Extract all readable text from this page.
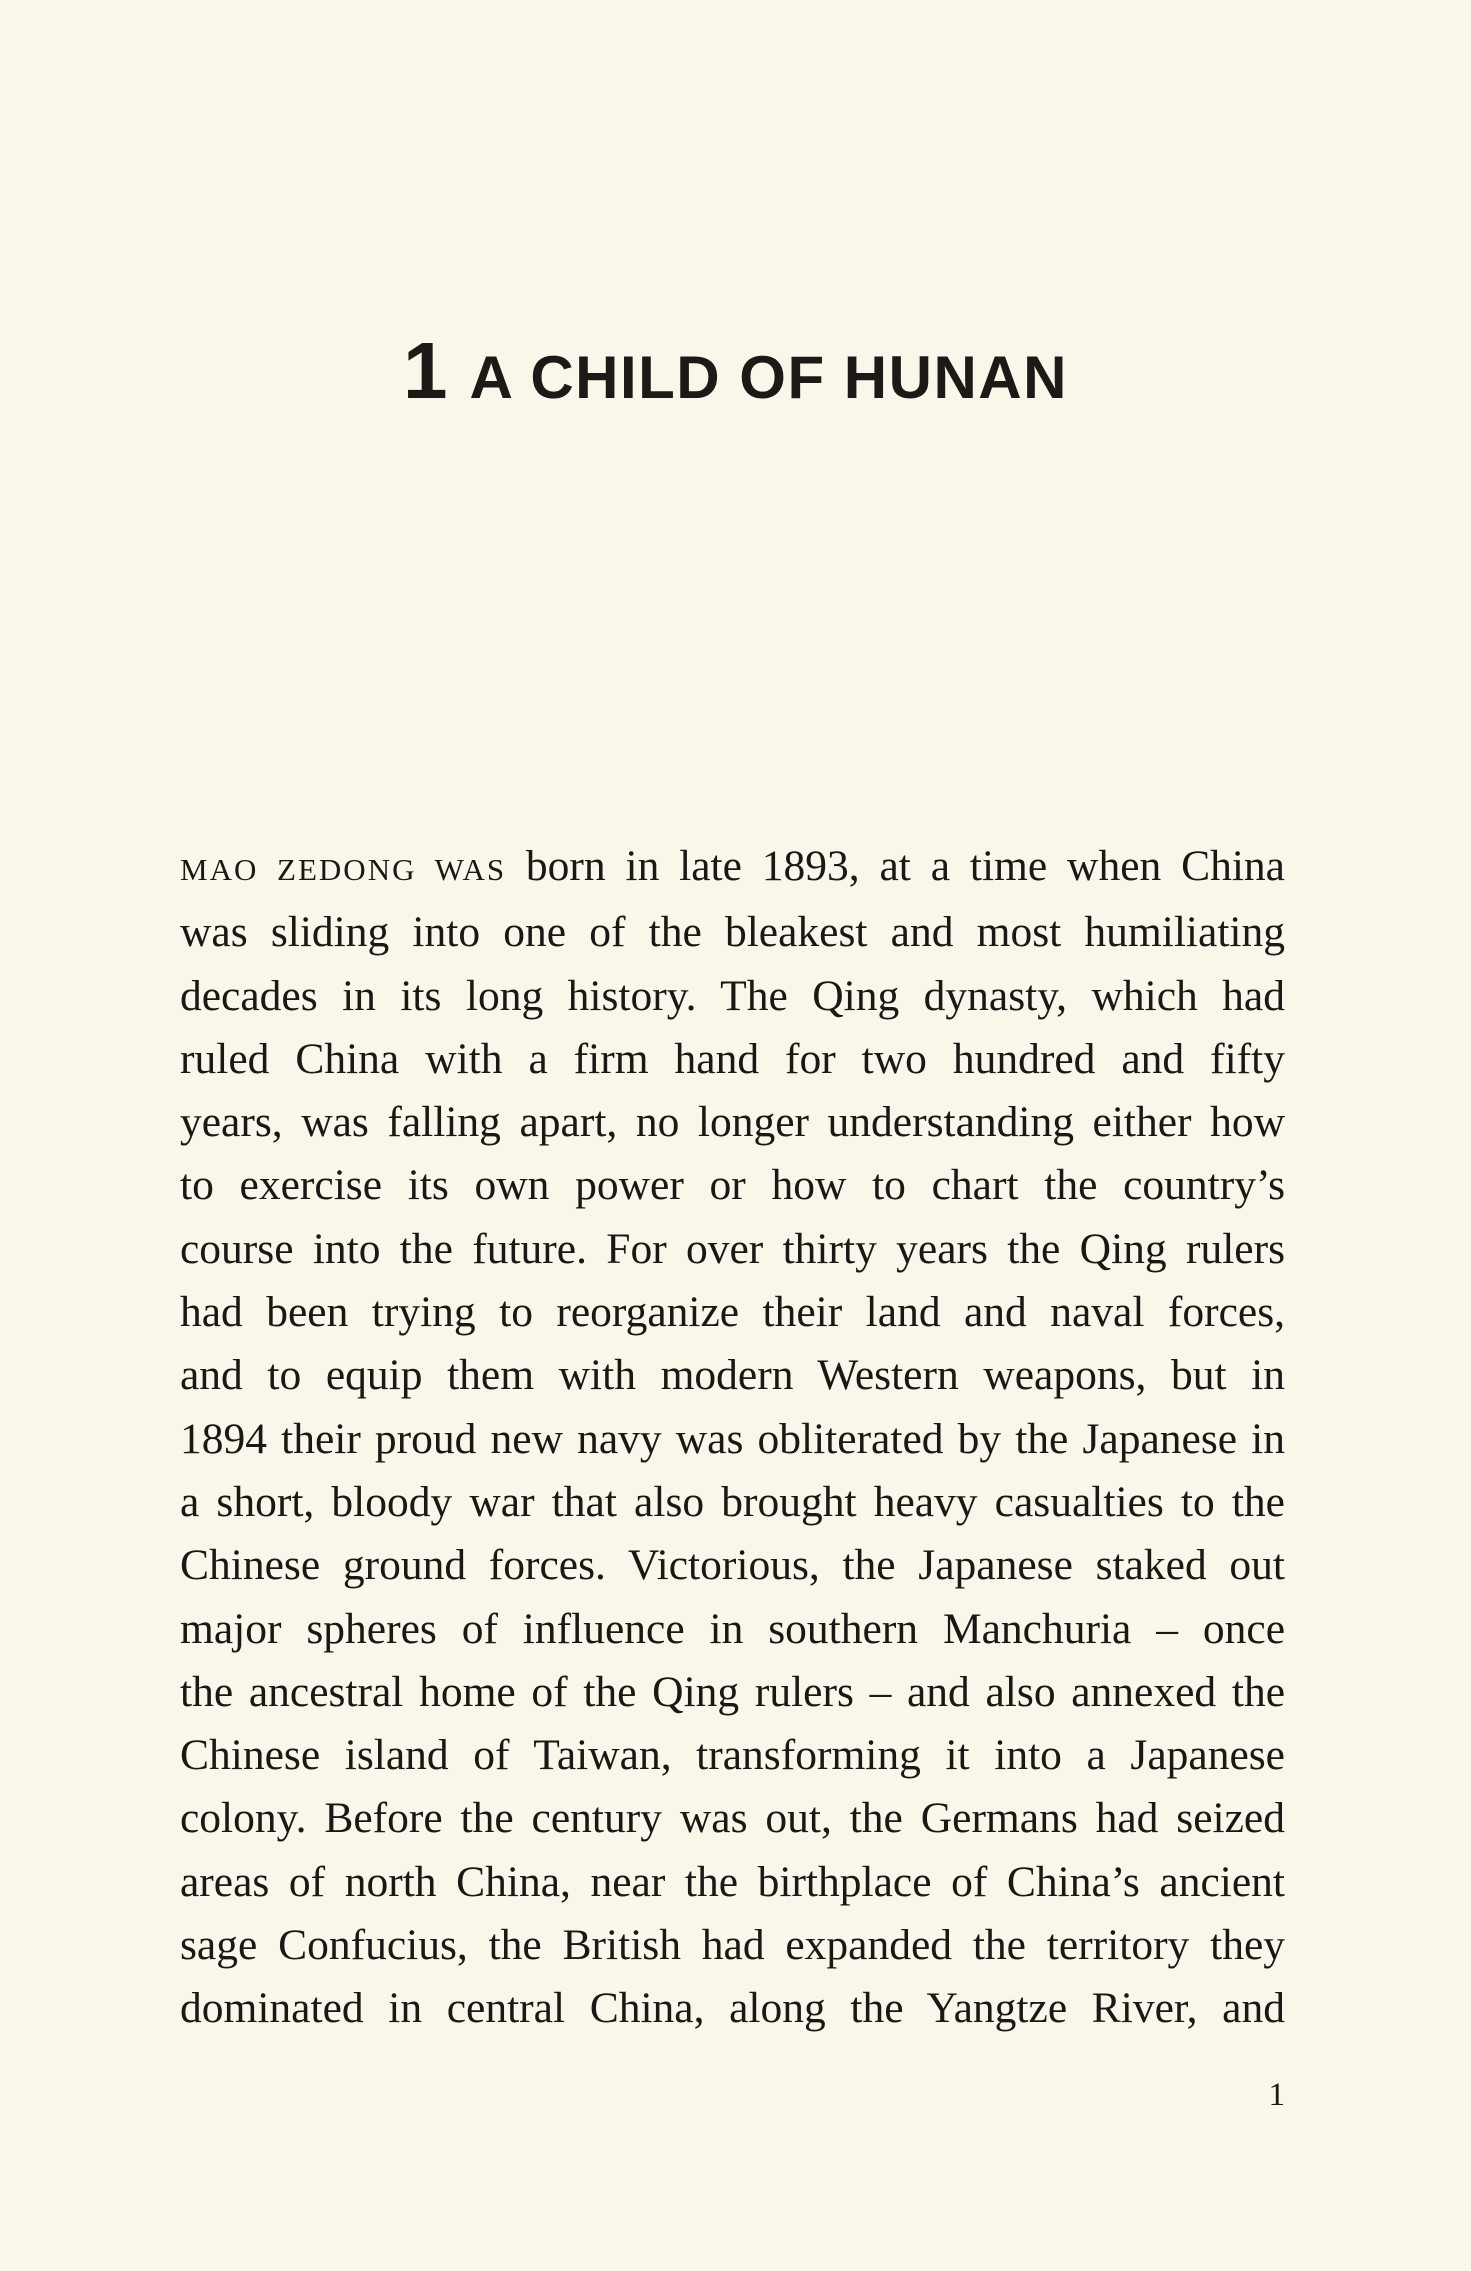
1 A CHILD OF HUNAN

MAO ZEDONG WAS born in late 1893, at a time when China
was sliding into one of the bleakest and most humiliating
decades in its long history. The Qing dynasty, which had
ruled China with a firm hand for two hundred and fifty
years, was falling apart, no longer understanding either how
to exercise its own power or how to chart the country’s
course into the future. For over thirty years the Qing rulers
had been trying to reorganize their land and naval forces,
and to equip them with modern Western weapons, but in
1894 their proud new navy was obliterated by the Japanese in
a short, bloody war that also brought heavy casualties to the
Chinese ground forces. Victorious, the Japanese staked out
major spheres of influence in southern Manchuria – once
the ancestral home of the Qing rulers – and also annexed the
Chinese island of Taiwan, transforming it into a Japanese
colony. Before the century was out, the Germans had seized
areas of north China, near the birthplace of China’s ancient
sage Confucius, the British had expanded the territory they
dominated in central China, along the Yangtze River, and

1
